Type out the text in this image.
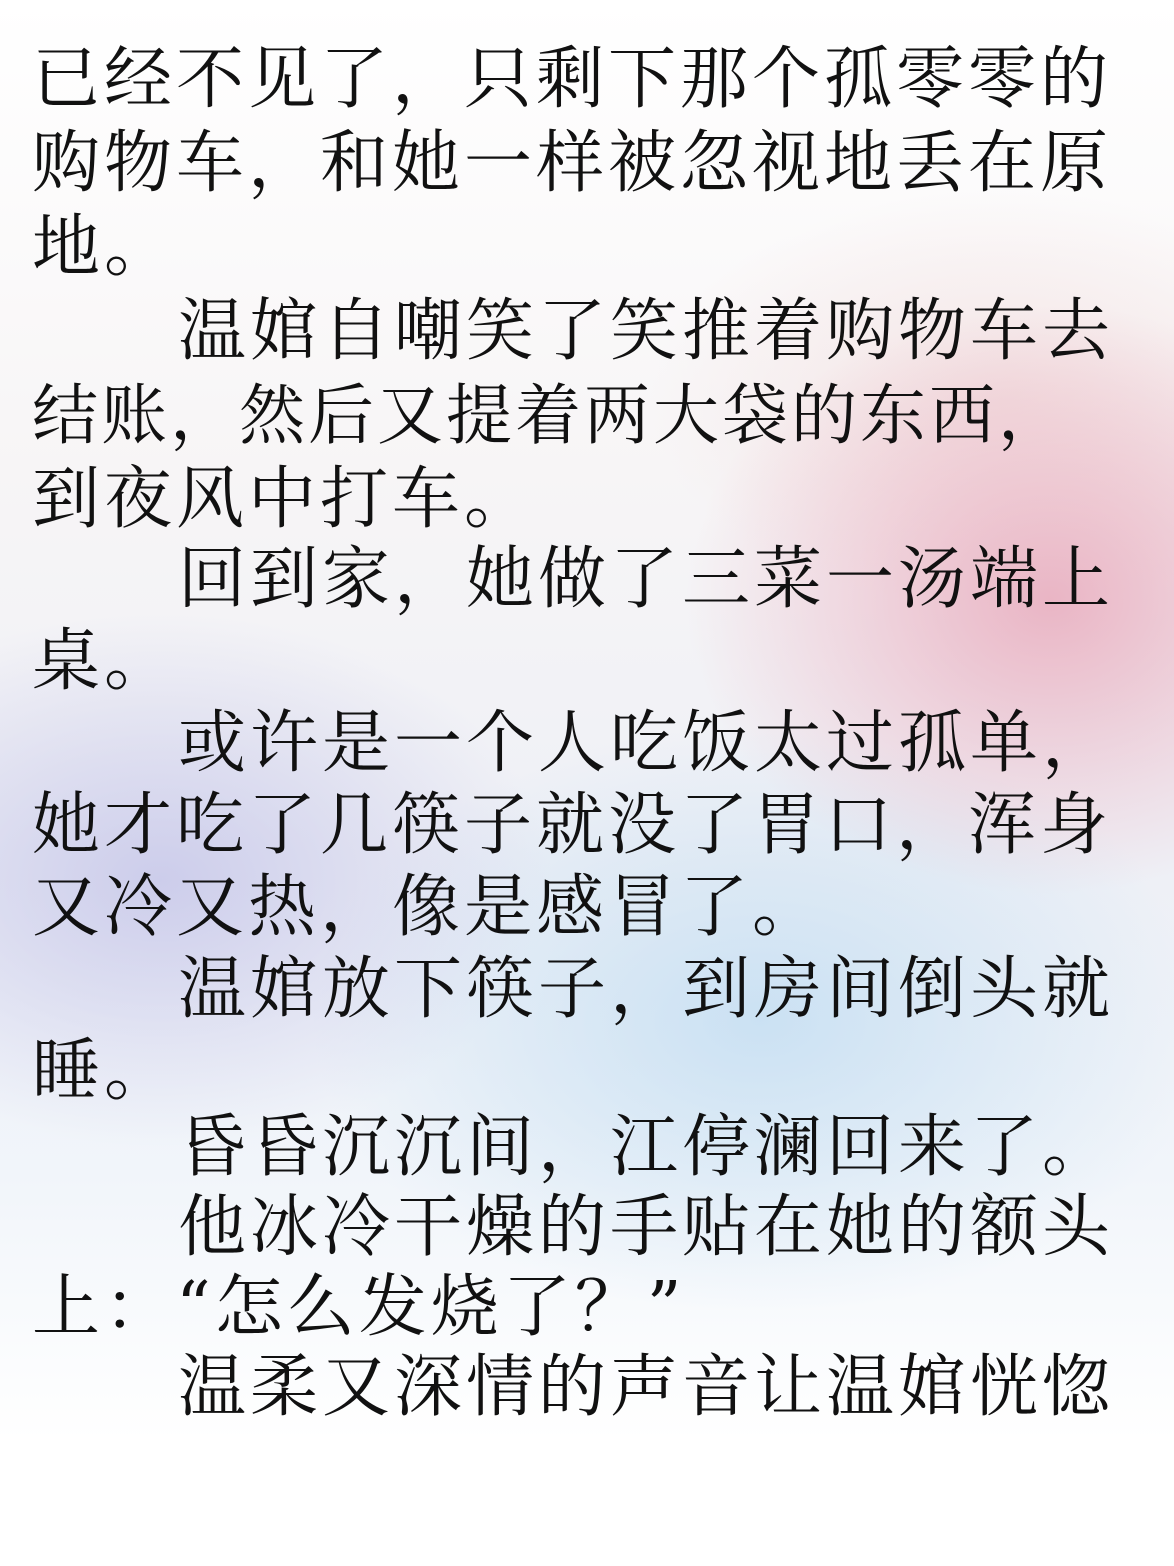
已经不见了，只剩下那个孤零零的
购物车，和她一样被忽视地丢在原
地。
温婠自嘲笑了笑推着购物车去
结账，然后又提着两大袋的东西，
到夜风中打车。
回到家，她做了三菜一汤端上
桌。
或许是一个人吃饭太过孤单，
她才吃了几筷子就没了胃口，浑身
又冷又热，像是感冒了。
温婠放下筷子，到房间倒头就
睡。
昏昏沉沉间，江停澜回来了。
他冰冷干燥的手贴在她的额头
上：“怎么发烧了？”
温柔又深情的声音让温婠恍惚
